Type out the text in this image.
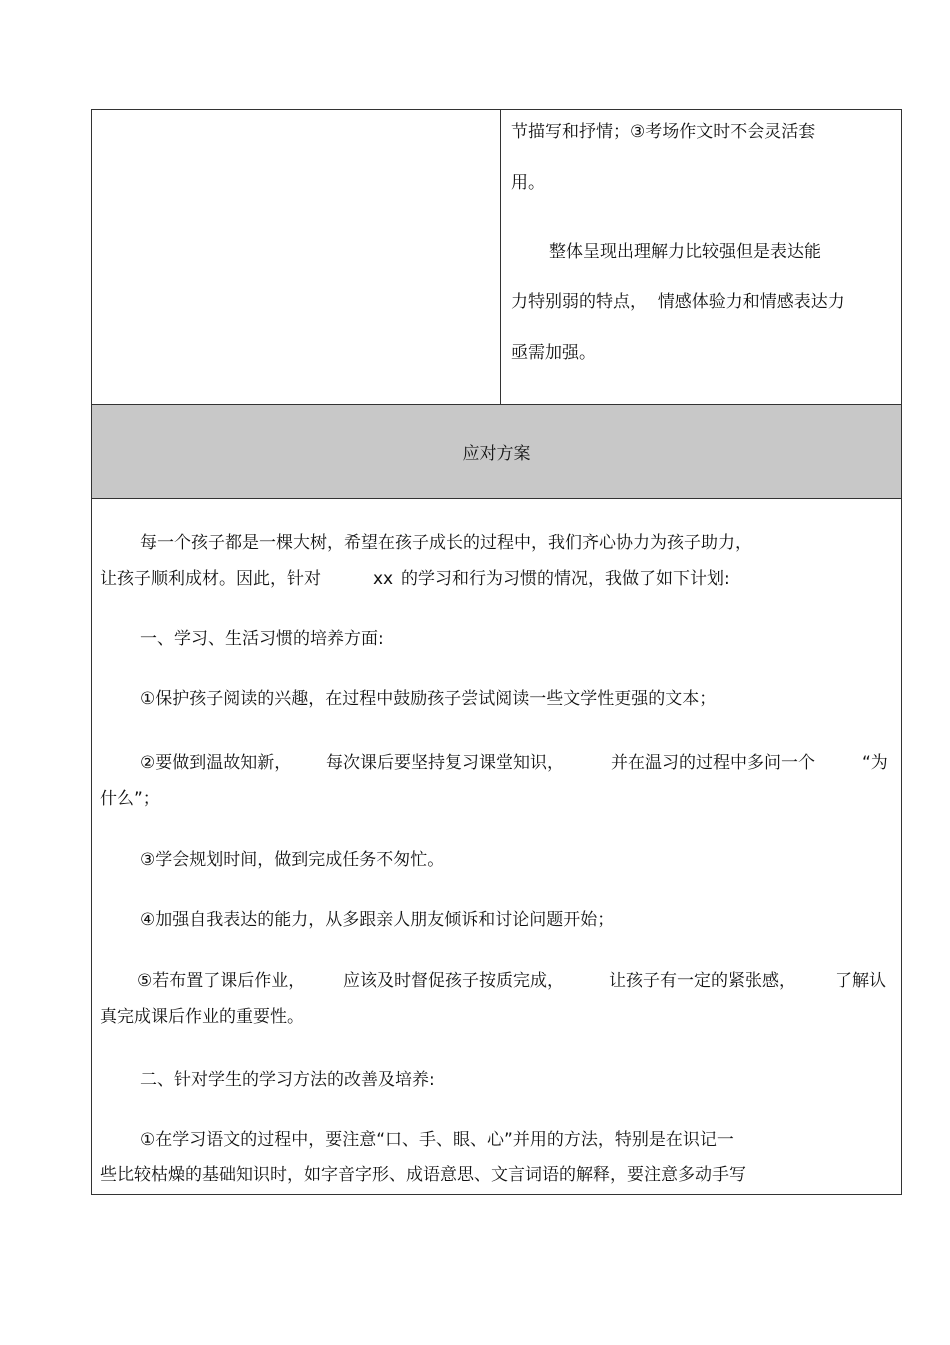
节描写和抒情；③考场作文时不会灵活套
用。
整体呈现出理解力比较强但是表达能
力特别弱的特点，  情感体验力和情感表达力
亟需加强。
应对方案
每一个孩子都是一棵大树，希望在孩子成长的过程中，我们齐心协力为孩子助力，
让孩子顺利成材。因此，针对	xx 的学习和行为习惯的情况，我做了如下计划:
一、学习、生活习惯的培养方面:
①保护孩子阅读的兴趣，在过程中鼓励孩子尝试阅读一些文学性更强的文本；
②要做到温故知新， 每次课后要坚持复习课堂知识，	并在温习的过程中多问一个	“为
什么”；
③学会规划时间，做到完成任务不匆忙。
④加强自我表达的能力，从多跟亲人朋友倾诉和讨论问题开始；
⑤若布置了课后作业， 应该及时督促孩子按质完成，	让孩子有一定的紧张感， 了解认
真完成课后作业的重要性。
二、针对学生的学习方法的改善及培养:
①在学习语文的过程中，要注意“口、手、眼、心”并用的方法，特别是在识记一
些比较枯燥的基础知识时，如字音字形、成语意思、文言词语的解释，要注意多动手写
